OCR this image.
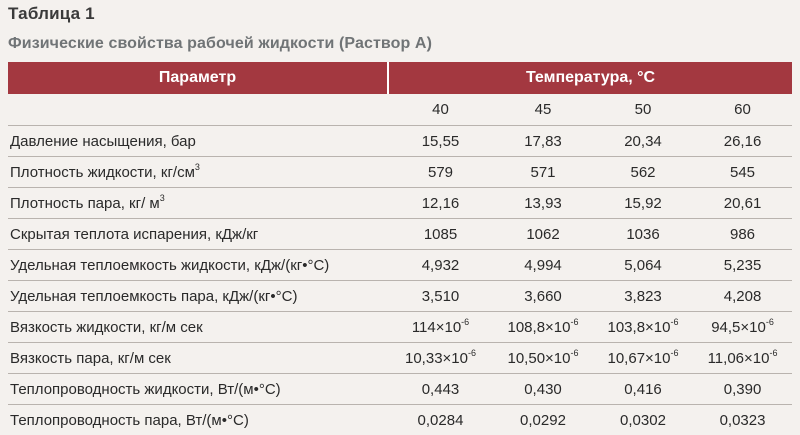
Таблица 1
Физические свойства рабочей жидкости (Раствор А)
Параметр	Температура, °C			
	40	45	50	60
Давление насыщения, бар	15,55	17,83	20,34	26,16
Плотность жидкости, $кг/см^3$	579	571	562	545
Плотность пара, кг/ $м^3$	12,16	13,93	15,92	20,61
Скрытая теплота испарения, кДж/кг	1085	1062	1036	986
Удельная теплоемкость жидкости, кДж/(кг•°C)	4,932	4,994	5,064	5,235
Удельная теплоемкость пара, кДж/(кг•°C)	3,510	3,660	3,823	4,208
Вязкость жидкости, кг/м сек	$114\times 10^{-6}$	$108,8\times 10^{-6}$	$103,8\times 10^{-6}$	$94,5\times 10^{-6}$
Вязкость пара, кг/м сек	$10,33\times 10^{-6}$	$10,50\times 10^{-6}$	$10,67\times 10^{-6}$	$11,06\times 10^{-6}$
Теплопроводность жидкости, Вт/(м•°C)	0,443	0,430	0,416	0,390
Теплопроводность пара, Вт/(м•°C)	0,0284	0,0292	0,0302	0,0323
